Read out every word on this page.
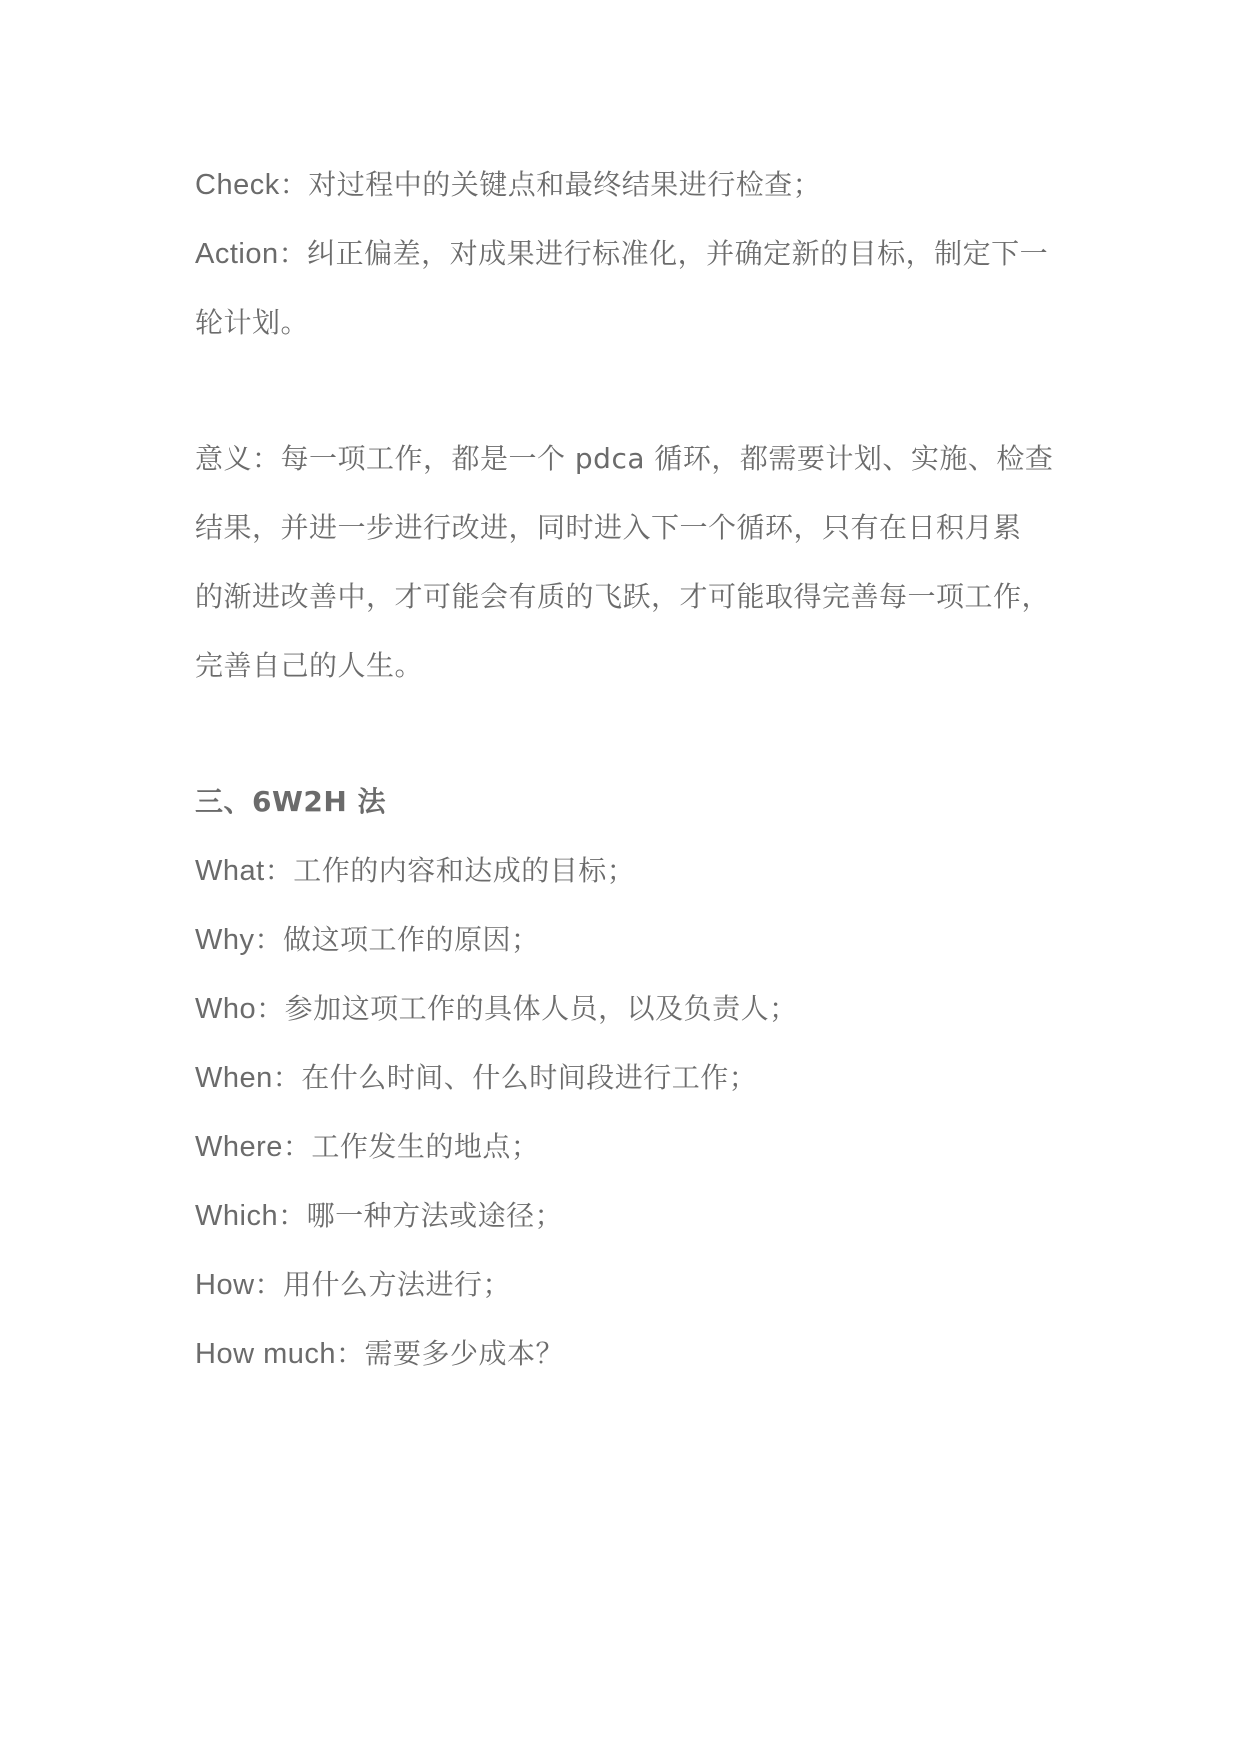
Check：对过程中的关键点和最终结果进行检查；
Action：纠正偏差，对成果进行标准化，并确定新的目标，制定下一
轮计划。
意义：每一项工作，都是一个 pdca 循环，都需要计划、实施、检查
结果，并进一步进行改进，同时进入下一个循环，只有在日积月累
的渐进改善中，才可能会有质的飞跃，才可能取得完善每一项工作，
完善自己的人生。
三、6W2H 法
What：工作的内容和达成的目标；
Why：做这项工作的原因；
Who：参加这项工作的具体人员，以及负责人；
When：在什么时间、什么时间段进行工作；
Where：工作发生的地点；
Which：哪一种方法或途径；
How：用什么方法进行；
How much：需要多少成本？
